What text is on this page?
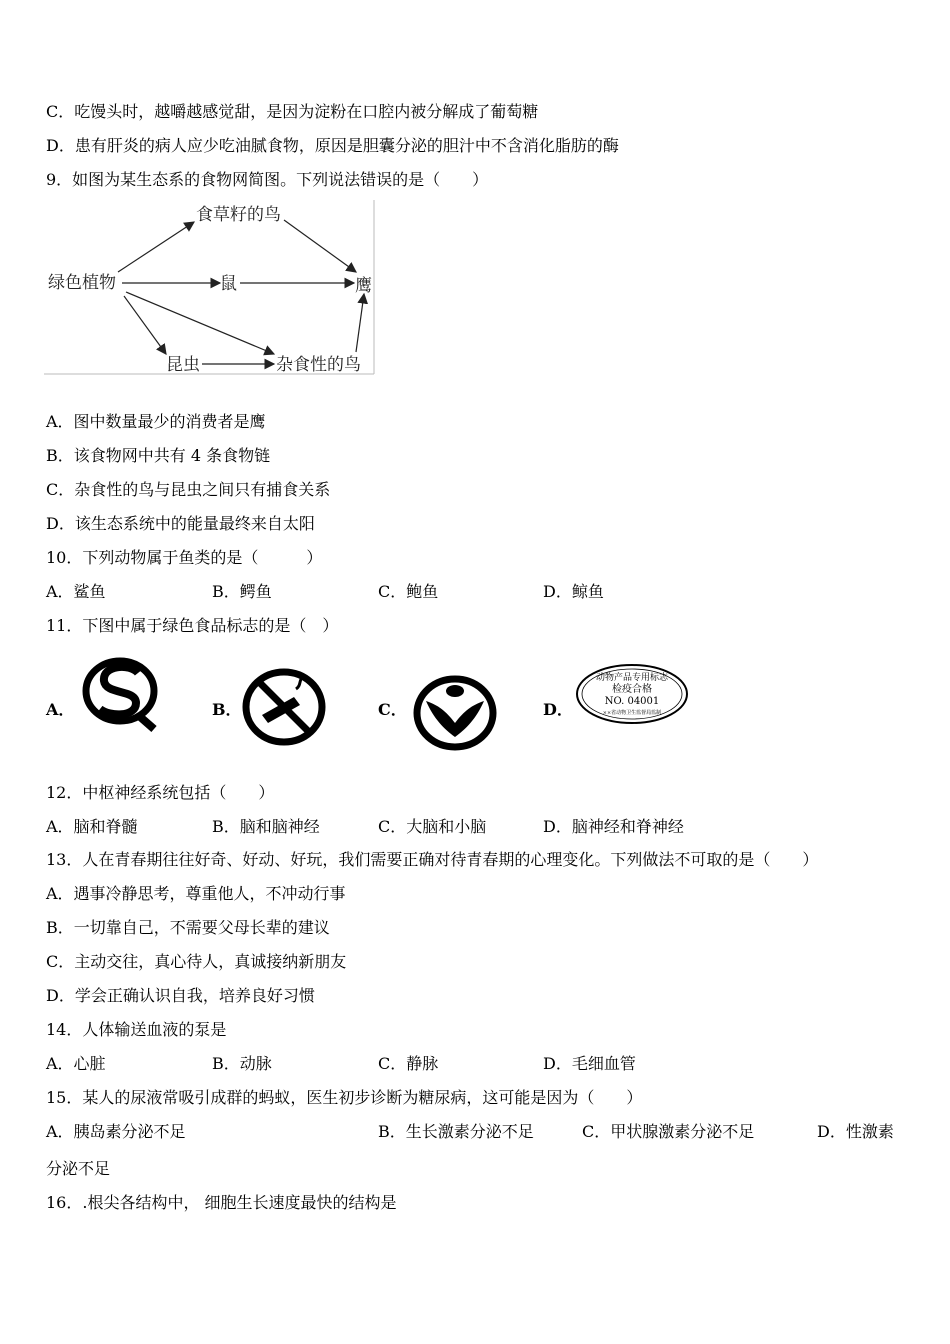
C．吃馒头时，越嚼越感觉甜，是因为淀粉在口腔内被分解成了葡萄糖
D．患有肝炎的病人应少吃油腻食物，原因是胆囊分泌的胆汁中不含消化脂肪的酶
9．如图为某生态系的食物网简图。下列说法错误的是（　　）
绿色植物
食草籽的鸟
鼠	鹰
昆虫	杂食性的鸟
A．图中数量最少的消费者是鹰
B．该食物网中共有 4 条食物链
C．杂食性的鸟与昆虫之间只有捕食关系
D．该生态系统中的能量最终来自太阳
10．下列动物属于鱼类的是（　　　）
A．鲨鱼	B．鳄鱼	C．鲍鱼	D．鲸鱼
11．下图中属于绿色食品标志的是（　）
A．	B．	C．	D．
动物产品专用标志
检疫合格
NO. 04001
××省动物卫生监督局监制
12．中枢神经系统包括（　　）
A．脑和脊髓	B．脑和脑神经	C．大脑和小脑	D．脑神经和脊神经
13．人在青春期往往好奇、好动、好玩，我们需要正确对待青春期的心理变化。下列做法不可取的是（　　）
A．遇事冷静思考，尊重他人，不冲动行事
B．一切靠自己，不需要父母长辈的建议
C．主动交往，真心待人，真诚接纳新朋友
D．学会正确认识自我，培养良好习惯
14．人体输送血液的泵是
A．心脏	B．动脉	C．静脉	D．毛细血管
15．某人的尿液常吸引成群的蚂蚁，医生初步诊断为糖尿病，这可能是因为（　　）
A．胰岛素分泌不足	B．生长激素分泌不足	C．甲状腺激素分泌不足	D．性激素
分泌不足
16．.根尖各结构中， 细胞生长速度最快的结构是
